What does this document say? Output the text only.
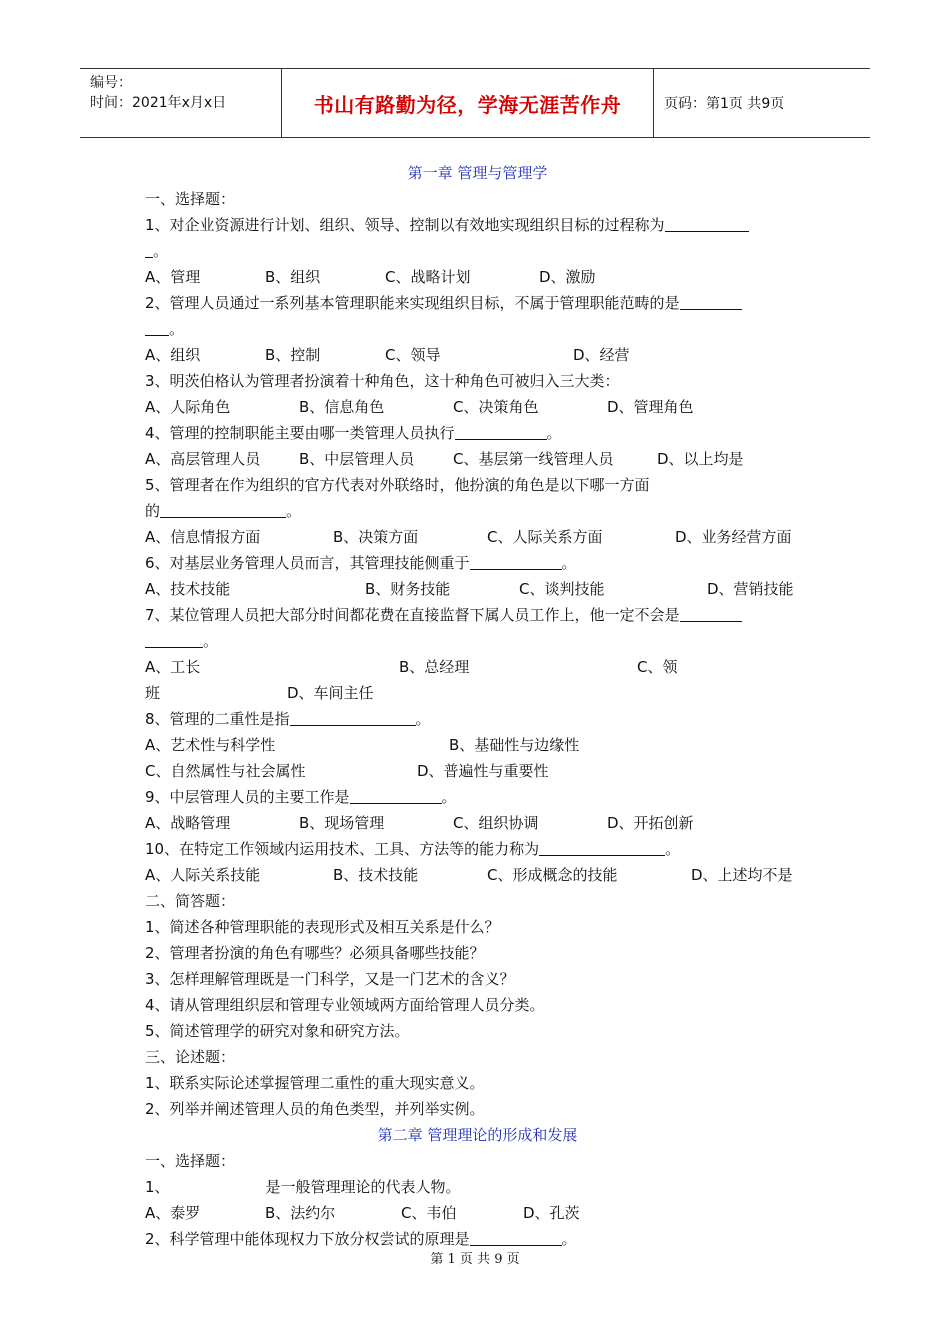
编号：
时间：2021年x月x日	书山有路勤为径，学海无涯苦作舟	页码：第1页 共9页
第一章 管理与管理学
一、选择题：
1、对企业资源进行计划、组织、领导、控制以有效地实现组织目标的过程称为
。
A、管理	B、组织	C、战略计划	D、激励
2、管理人员通过一系列基本管理职能来实现组织目标，不属于管理职能范畴的是
。
A、组织	B、控制	C、领导	D、经营
3、明茨伯格认为管理者扮演着十种角色，这十种角色可被归入三大类：
A、人际角色	B、信息角色	C、决策角色	D、管理角色
4、管理的控制职能主要由哪一类管理人员执行	。
A、高层管理人员	B、中层管理人员	C、基层第一线管理人员	D、以上均是
5、管理者在作为组织的官方代表对外联络时，他扮演的角色是以下哪一方面
的	。
A、信息情报方面	B、决策方面	C、人际关系方面	D、业务经营方面
6、对基层业务管理人员而言，其管理技能侧重于	。
A、技术技能	B、财务技能	C、谈判技能	D、营销技能
7、某位管理人员把大部分时间都花费在直接监督下属人员工作上，他一定不会是
。
A、工长	B、总经理	C、领
班	D、车间主任
8、管理的二重性是指	。
A、艺术性与科学性	B、基础性与边缘性
C、自然属性与社会属性	D、普遍性与重要性
9、中层管理人员的主要工作是	。
A、战略管理	B、现场管理	C、组织协调	D、开拓创新
10、在特定工作领域内运用技术、工具、方法等的能力称为	。
A、人际关系技能	B、技术技能	C、形成概念的技能	D、上述均不是
二、简答题：
1、简述各种管理职能的表现形式及相互关系是什么？
2、管理者扮演的角色有哪些？必须具备哪些技能？
3、怎样理解管理既是一门科学，又是一门艺术的含义？
4、请从管理组织层和管理专业领域两方面给管理人员分类。
5、简述管理学的研究对象和研究方法。
三、论述题：
1、联系实际论述掌握管理二重性的重大现实意义。
2、列举并阐述管理人员的角色类型，并列举实例。
第二章 管理理论的形成和发展
一、选择题：
1、	是一般管理理论的代表人物。
A、泰罗	B、法约尔	C、韦伯	D、孔茨
2、科学管理中能体现权力下放分权尝试的原理是	。
第 1 页 共 9 页
